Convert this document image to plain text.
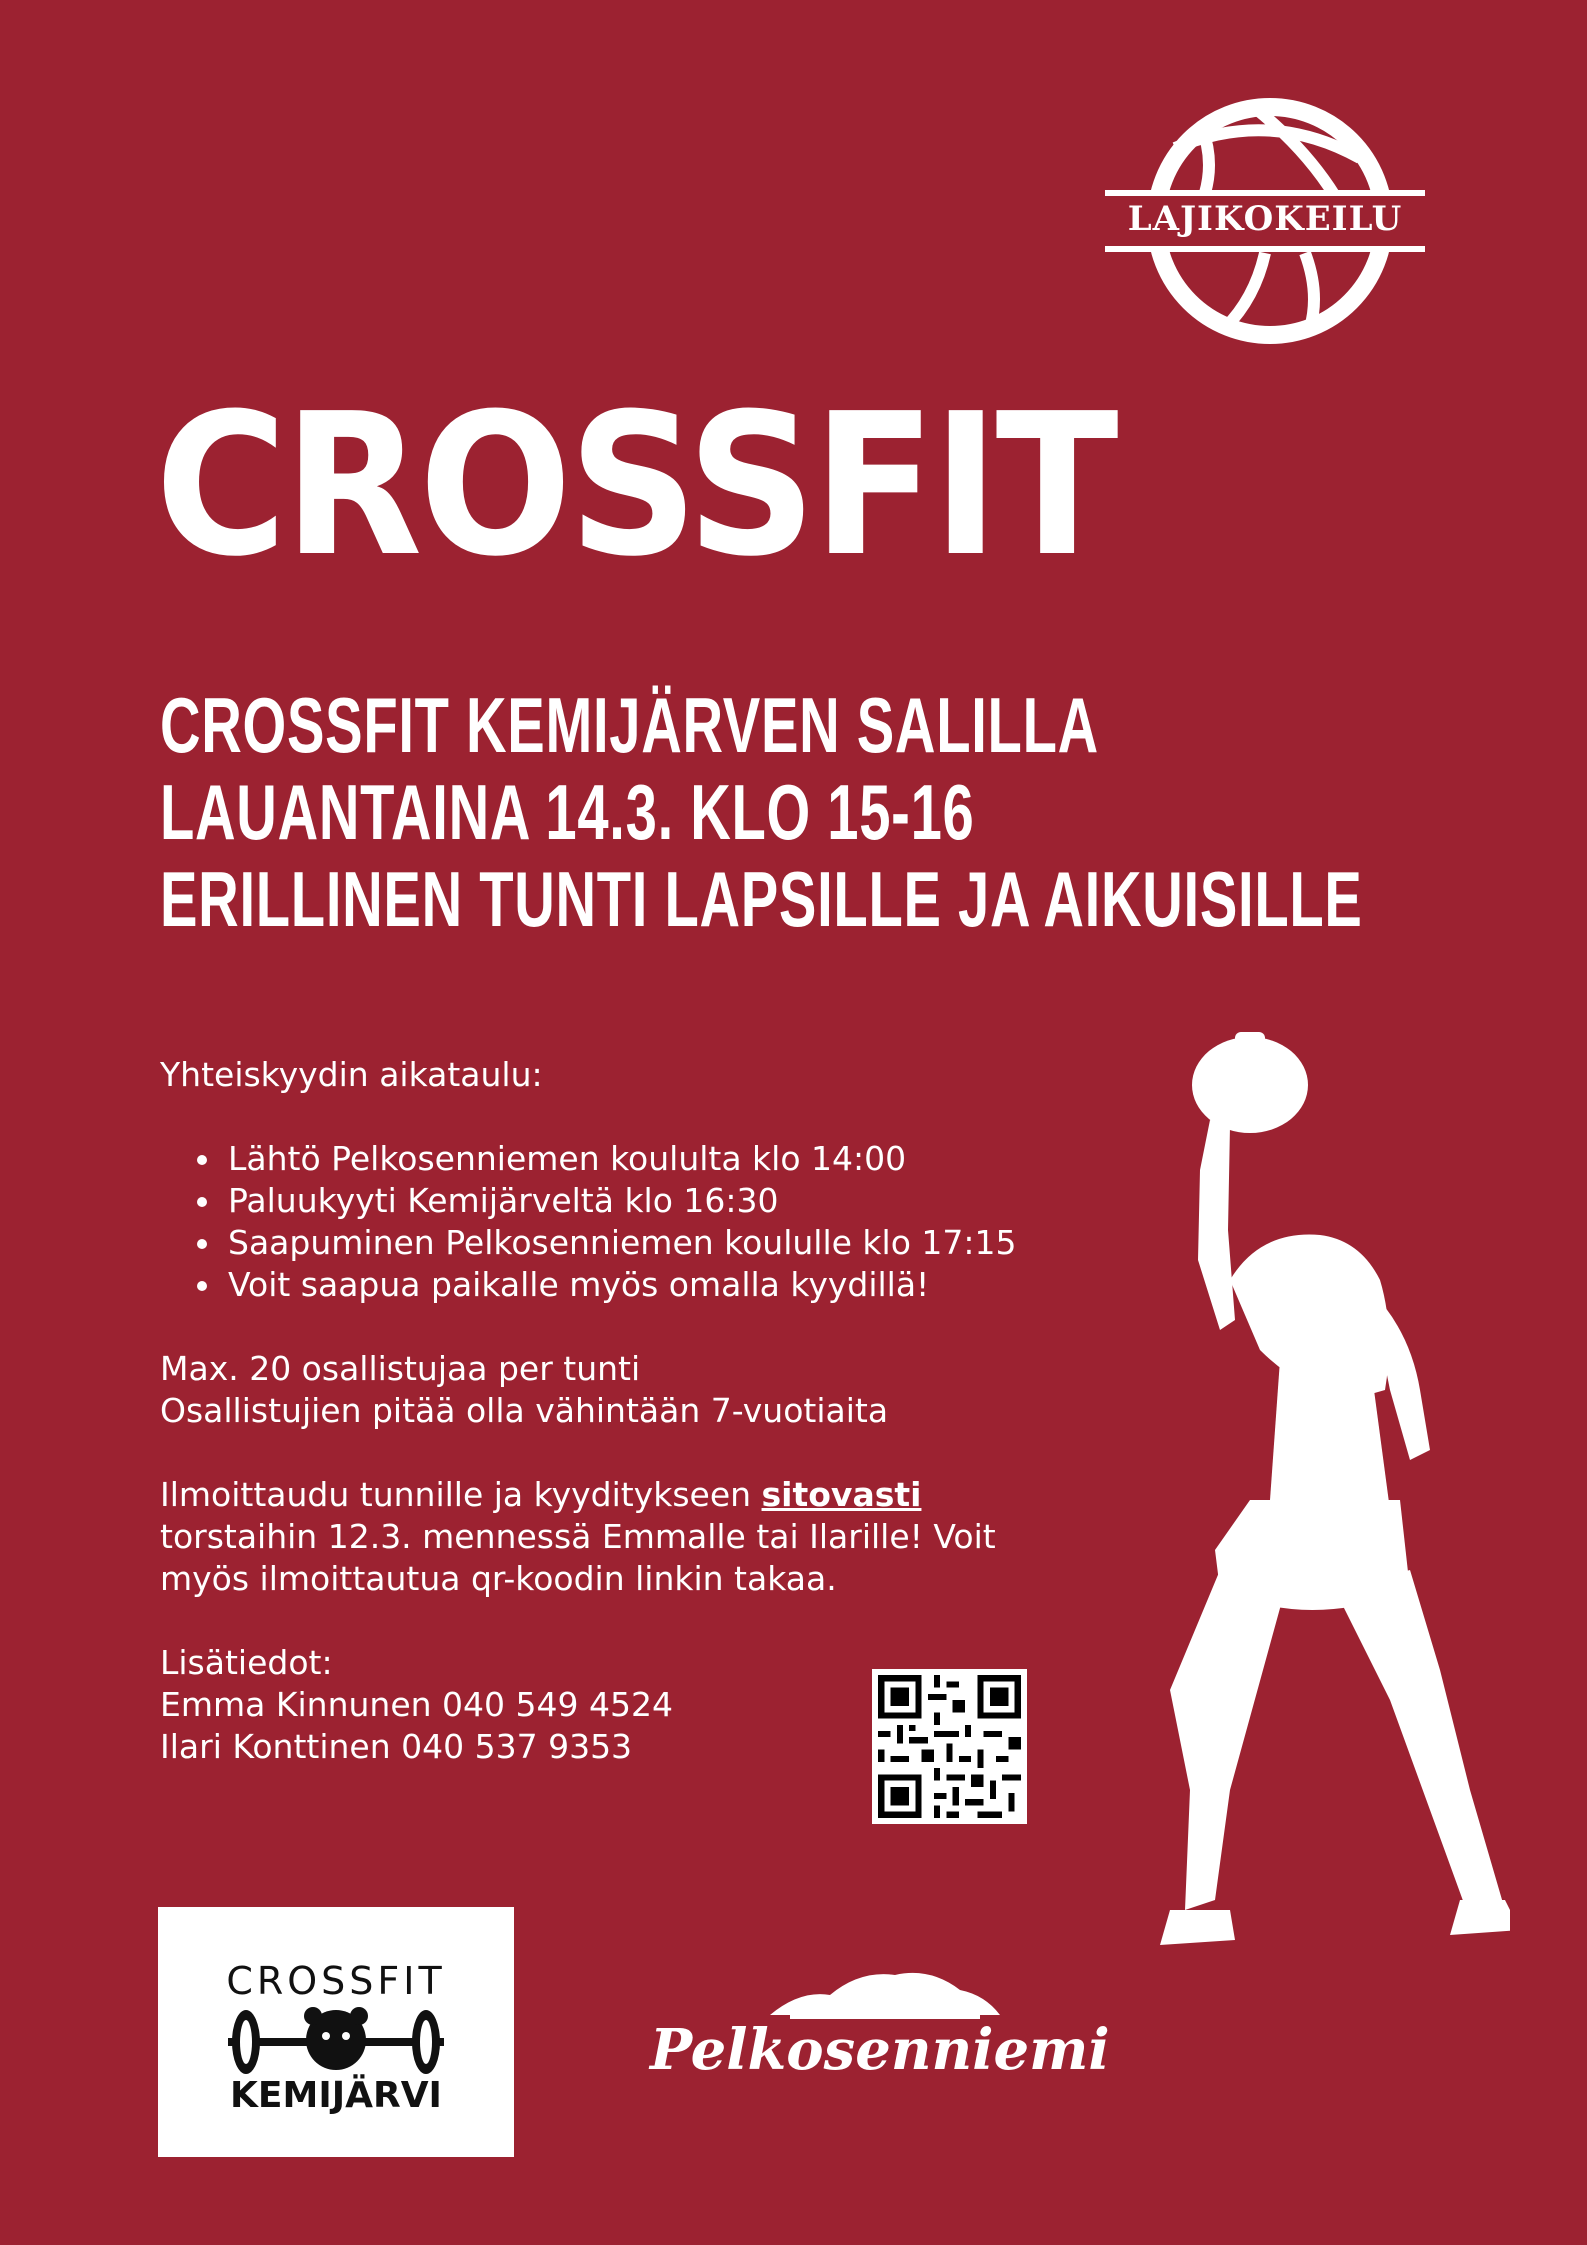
LAJIKOKEILU
CROSSFIT
CROSSFIT KEMIJÄRVEN SALILLA
LAUANTAINA 14.3. KLO 15-16
ERILLINEN TUNTI LAPSILLE JA AIKUISILLE

Yhteiskyydin aikataulu:

• Lähtö Pelkosenniemen koululta klo 14:00
• Paluukyyti Kemijärveltä klo 16:30
• Saapuminen Pelkosenniemen koululle klo 17:15
• Voit saapua paikalle myös omalla kyydillä!

Max. 20 osallistujaa per tunti

Osallistujien pitää olla vähintään 7-vuotiaita

Ilmoittaudu tunnille ja kyyditykseen sitovasti

torstaihin 12.3. mennessä Emmalle tai Ilarille! Voit

myös ilmoittautua qr-koodin linkin takaa.

Lisätiedot:

Emma Kinnunen 040 549 4524

Ilari Konttinen 040 537 9353

CROSSFIT
KEMIJÄRVI
Pelkosenniemi
